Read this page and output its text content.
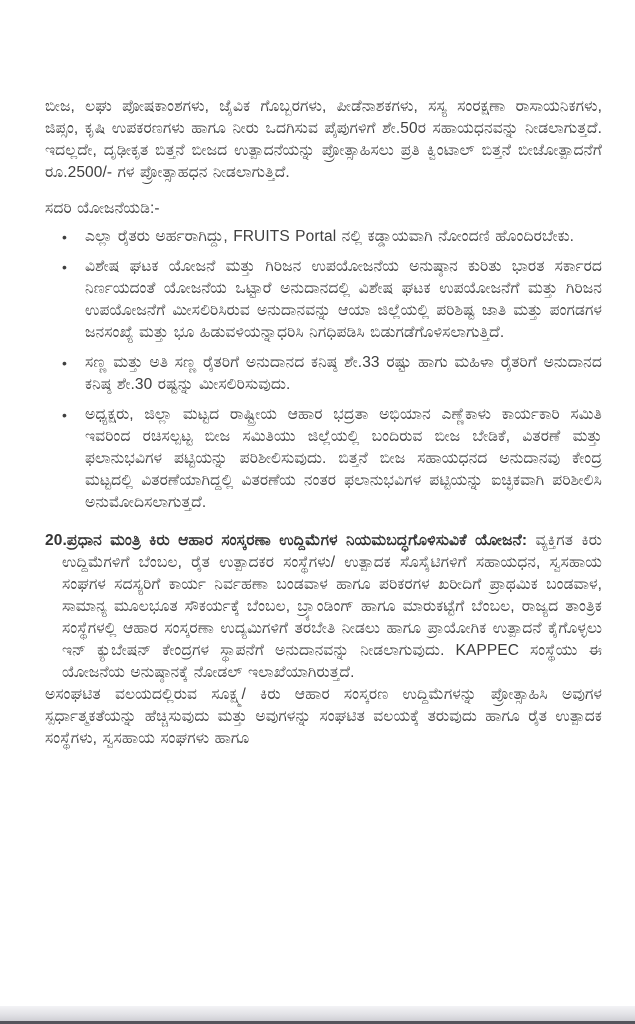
ಬೀಜ, ಲಘು ಪೋಷಕಾಂಶಗಳು, ಜೈವಿಕ ಗೊಬ್ಬರಗಳು, ಪೀಡೆನಾಶಕಗಳು, ಸಸ್ಯ ಸಂರಕ್ಷಣಾ ರಾಸಾಯನಿಕಗಳು, ಜಿಪ್ಸಂ, ಕೃಷಿ ಉಪಕರಣಗಳು ಹಾಗೂ ನೀರು ಒದಗಿಸುವ ಪೈಪುಗಳಿಗೆ ಶೇ.50ರ ಸಹಾಯಧನವನ್ನು ನೀಡಲಾಗುತ್ತದೆ. ಇದಲ್ಲದೇ, ದೃಢೀಕೃತ ಬಿತ್ತನೆ ಬೀಜದ ಉತ್ಪಾದನೆಯನ್ನು ಪ್ರೋತ್ಸಾಹಿಸಲು ಪ್ರತಿ ಕ್ವಿಂಟಾಲ್ ಬಿತ್ತನೆ ಬೀಜೋತ್ಪಾದನೆಗೆ ರೂ.2500/- ಗಳ ಪ್ರೋತ್ಸಾಹಧನ ನೀಡಲಾಗುತ್ತಿದೆ.

ಸದರಿ ಯೋಜನೆಯಡಿ:-

• ಎಲ್ಲಾ ರೈತರು ಅರ್ಹರಾಗಿದ್ದು, FRUITS Portal ನಲ್ಲಿ ಕಡ್ಡಾಯವಾಗಿ ನೋಂದಣಿ ಹೊಂದಿರಬೇಕು.
• ವಿಶೇಷ ಘಟಕ ಯೋಜನೆ ಮತ್ತು ಗಿರಿಜನ ಉಪಯೋಜನೆಯ ಅನುಷ್ಠಾನ ಕುರಿತು ಭಾರತ ಸರ್ಕಾರದ ನಿರ್ಣಯದಂತೆ ಯೋಜನೆಯ ಒಟ್ಟಾರೆ ಅನುದಾನದಲ್ಲಿ ವಿಶೇಷ ಘಟಕ ಉಪಯೋಜನೆಗೆ ಮತ್ತು ಗಿರಿಜನ ಉಪಯೋಜನೆಗೆ ಮೀಸಲಿರಿಸಿರುವ ಅನುದಾನವನ್ನು ಆಯಾ ಜಿಲ್ಲೆಯಲ್ಲಿ ಪರಿಶಿಷ್ಟ ಜಾತಿ ಮತ್ತು ಪಂಗಡಗಳ ಜನಸಂಖ್ಯೆ ಮತ್ತು ಭೂ ಹಿಡುವಳಿಯನ್ನಾಧರಿಸಿ ನಿಗಧಿಪಡಿಸಿ ಬಿಡುಗಡೆಗೊಳಿಸಲಾಗುತ್ತಿದೆ.
• ಸಣ್ಣ ಮತ್ತು ಅತಿ ಸಣ್ಣ ರೈತರಿಗೆ ಅನುದಾನದ ಕನಿಷ್ಠ ಶೇ.33 ರಷ್ಟು ಹಾಗು ಮಹಿಳಾ ರೈತರಿಗೆ ಅನುದಾನದ ಕನಿಷ್ಠ ಶೇ.30 ರಷ್ಟನ್ನು ಮೀಸಲಿರಿಸುವುದು.
• ಅಧ್ಯಕ್ಷರು, ಜಿಲ್ಲಾ ಮಟ್ಟದ ರಾಷ್ಟ್ರೀಯ ಆಹಾರ ಭದ್ರತಾ ಅಭಿಯಾನ ಎಣ್ಣೆಕಾಳು ಕಾರ್ಯಕಾರಿ ಸಮಿತಿ ಇವರಿಂದ ರಚಿಸಲ್ಪಟ್ಟ ಬೀಜ ಸಮಿತಿಯು ಜಿಲ್ಲೆಯಲ್ಲಿ ಬಂದಿರುವ ಬೀಜ ಬೇಡಿಕೆ, ವಿತರಣೆ ಮತ್ತು ಫಲಾನುಭವಿಗಳ ಪಟ್ಟಿಯನ್ನು ಪರಿಶೀಲಿಸುವುದು. ಬಿತ್ತನೆ ಬೀಜ ಸಹಾಯಧನದ ಅನುದಾನವು ಕೇಂದ್ರ ಮಟ್ಟದಲ್ಲಿ ವಿತರಣೆಯಾಗಿದ್ದಲ್ಲಿ ವಿತರಣೆಯ ನಂತರ ಫಲಾನುಭವಿಗಳ ಪಟ್ಟಿಯನ್ನು ಐಚ್ಛಿಕವಾಗಿ ಪರಿಶೀಲಿಸಿ ಅನುಮೋದಿಸಲಾಗುತ್ತದೆ.

20.ಪ್ರಧಾನ ಮಂತ್ರಿ ಕಿರು ಆಹಾರ ಸಂಸ್ಕರಣಾ ಉದ್ದಿಮೆಗಳ ನಿಯಮಬದ್ಧಗೊಳಿಸುವಿಕೆ ಯೋಜನೆ: ವ್ಯಕ್ತಿಗತ ಕಿರು ಉದ್ದಿಮೆಗಳಿಗೆ ಬೆಂಬಲ, ರೈತ ಉತ್ಪಾದಕರ ಸಂಸ್ಥೆಗಳು/ ಉತ್ಪಾದಕ ಸೊಸೈಟಿಗಳಿಗೆ ಸಹಾಯಧನ, ಸ್ವಸಹಾಯ ಸಂಘಗಳ ಸದಸ್ಯರಿಗೆ ಕಾರ್ಯ ನಿರ್ವಹಣಾ ಬಂಡವಾಳ ಹಾಗೂ ಪರಿಕರಗಳ ಖರೀದಿಗೆ ಪ್ರಾಥಮಿಕ ಬಂಡವಾಳ, ಸಾಮಾನ್ಯ ಮೂಲಭೂತ ಸೌಕರ್ಯಕ್ಕೆ ಬೆಂಬಲ, ಬ್ರ್ಯಾಂಡಿಂಗ್ ಹಾಗೂ ಮಾರುಕಟ್ಟೆಗೆ ಬೆಂಬಲ, ರಾಜ್ಯದ ತಾಂತ್ರಿಕ ಸಂಸ್ಥೆಗಳಲ್ಲಿ ಆಹಾರ ಸಂಸ್ಕರಣಾ ಉದ್ಯಮಿಗಳಿಗೆ ತರಬೇತಿ ನೀಡಲು ಹಾಗೂ ಪ್ರಾಯೋಗಿಕ ಉತ್ಪಾದನೆ ಕೈಗೊಳ್ಳಲು ಇನ್ ಕ್ಯುಬೇಷನ್ ಕೇಂದ್ರಗಳ ಸ್ಥಾಪನೆಗೆ ಅನುದಾನವನ್ನು ನೀಡಲಾಗುವುದು. KAPPEC ಸಂಸ್ಥೆಯು ಈ ಯೋಜನೆಯ ಅನುಷ್ಠಾನಕ್ಕೆ ನೋಡಲ್ ಇಲಾಖೆಯಾಗಿರುತ್ತದೆ.

ಅಸಂಘಟಿತ ವಲಯದಲ್ಲಿರುವ ಸೂಕ್ಷ್ಮ/ ಕಿರು ಆಹಾರ ಸಂಸ್ಕರಣ ಉದ್ದಿಮೆಗಳನ್ನು ಪ್ರೋತ್ಸಾಹಿಸಿ ಅವುಗಳ ಸ್ಪರ್ಧಾತ್ಮಕತೆಯನ್ನು ಹೆಚ್ಚಿಸುವುದು ಮತ್ತು ಅವುಗಳನ್ನು ಸಂಘಟಿತ ವಲಯಕ್ಕೆ ತರುವುದು ಹಾಗೂ ರೈತ ಉತ್ಪಾದಕ ಸಂಸ್ಥೆಗಳು, ಸ್ವಸಹಾಯ ಸಂಘಗಳು ಹಾಗೂ
